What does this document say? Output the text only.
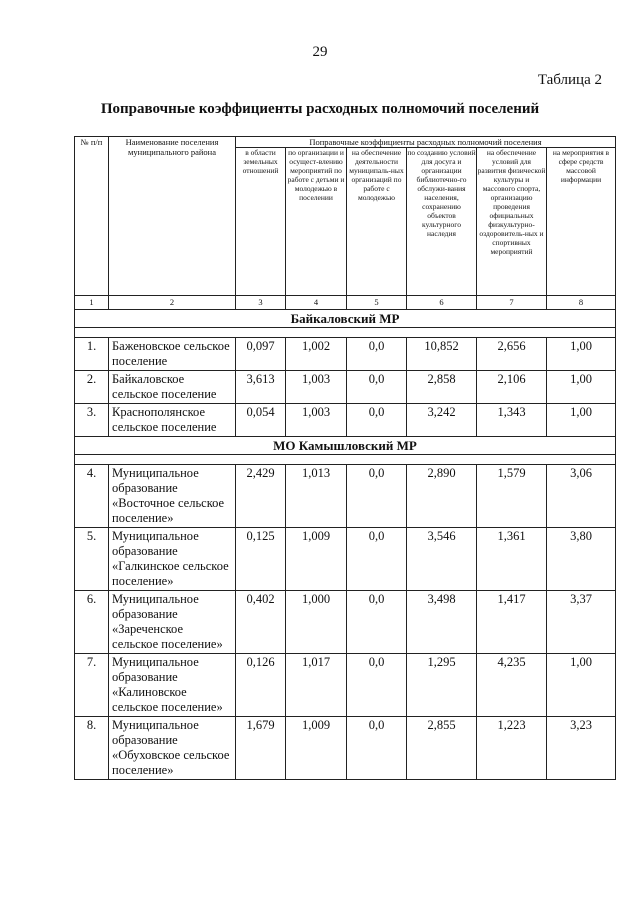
29
Таблица 2
Поправочные коэффициенты расходных полномочий поселений
№ п/п	Наименование поселения муниципального района	Поправочные коэффициенты расходных полномочий поселения					
		в области земельных отношений	по организации и осущест-влению мероприятий по работе с детьми и молодежью в поселении	на обеспечение деятельности муниципаль-ных организаций по работе с молодежью	по созданию условий для досуга и организации библиотечно-го обслужи-вания населения, сохранению объектов культурного наследия	на обеспечение условий для развития физической культуры и массового спорта, организацию проведения официальных физкультурно-оздоровитель-ных и спортивных мероприятий	на мероприятия в сфере средств массовой информации
1	2	3	4	5	6	7	8
Байкаловский МР							

1.	Баженовское сельское поселение	0,097	1,002	0,0	10,852	2,656	1,00
2.	Байкаловское сельское поселение	3,613	1,003	0,0	2,858	2,106	1,00
3.	Краснополянское сельское поселение	0,054	1,003	0,0	3,242	1,343	1,00
МО Камышловский МР							

4.	Муниципальное образование «Восточное сельское поселение»	2,429	1,013	0,0	2,890	1,579	3,06
5.	Муниципальное образование «Галкинское сельское поселение»	0,125	1,009	0,0	3,546	1,361	3,80
6.	Муниципальное образование «Зареченское сельское поселение»	0,402	1,000	0,0	3,498	1,417	3,37
7.	Муниципальное образование «Калиновское сельское поселение»	0,126	1,017	0,0	1,295	4,235	1,00
8.	Муниципальное образование «Обуховское сельское поселение»	1,679	1,009	0,0	2,855	1,223	3,23
